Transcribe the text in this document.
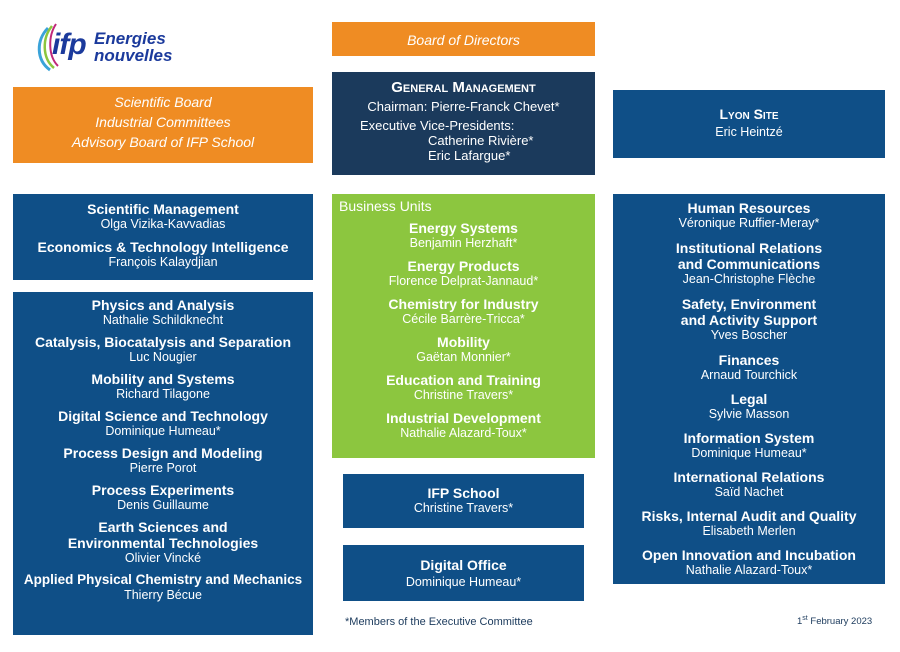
ifp Energies
nouvelles
Board of Directors
Scientific Board
Industrial Committees
Advisory Board of IFP School
General Management
Chairman: Pierre-Franck Chevet*
Executive Vice-Presidents:
Catherine Rivière*
Eric Lafargue*
Lyon Site
Eric Heintzé
Scientific Management
Olga Vizika-Kavvadias
Economics & Technology Intelligence
François Kalaydjian
Physics and Analysis
Nathalie Schildknecht
Catalysis, Biocatalysis and Separation
Luc Nougier
Mobility and Systems
Richard Tilagone
Digital Science and Technology
Dominique Humeau*
Process Design and Modeling
Pierre Porot
Process Experiments
Denis Guillaume
Earth Sciences and Environmental Technologies
Olivier Vincké
Applied Physical Chemistry and Mechanics
Thierry Bécue
Business Units
Energy Systems
Benjamin Herzhaft*
Energy Products
Florence Delprat-Jannaud*
Chemistry for Industry
Cécile Barrère-Tricca*
Mobility
Gaëtan Monnier*
Education and Training
Christine Travers*
Industrial Development
Nathalie Alazard-Toux*
IFP School
Christine Travers*
Digital Office
Dominique Humeau*
Human Resources
Véronique Ruffier-Meray*
Institutional Relations and Communications
Jean-Christophe Flèche
Safety, Environment and Activity Support
Yves Boscher
Finances
Arnaud Tourchick
Legal
Sylvie Masson
Information System
Dominique Humeau*
International Relations
Saïd Nachet
Risks, Internal Audit and Quality
Elisabeth Merlen
Open Innovation and Incubation
Nathalie Alazard-Toux*
*Members of the Executive Committee	1st February 2023
